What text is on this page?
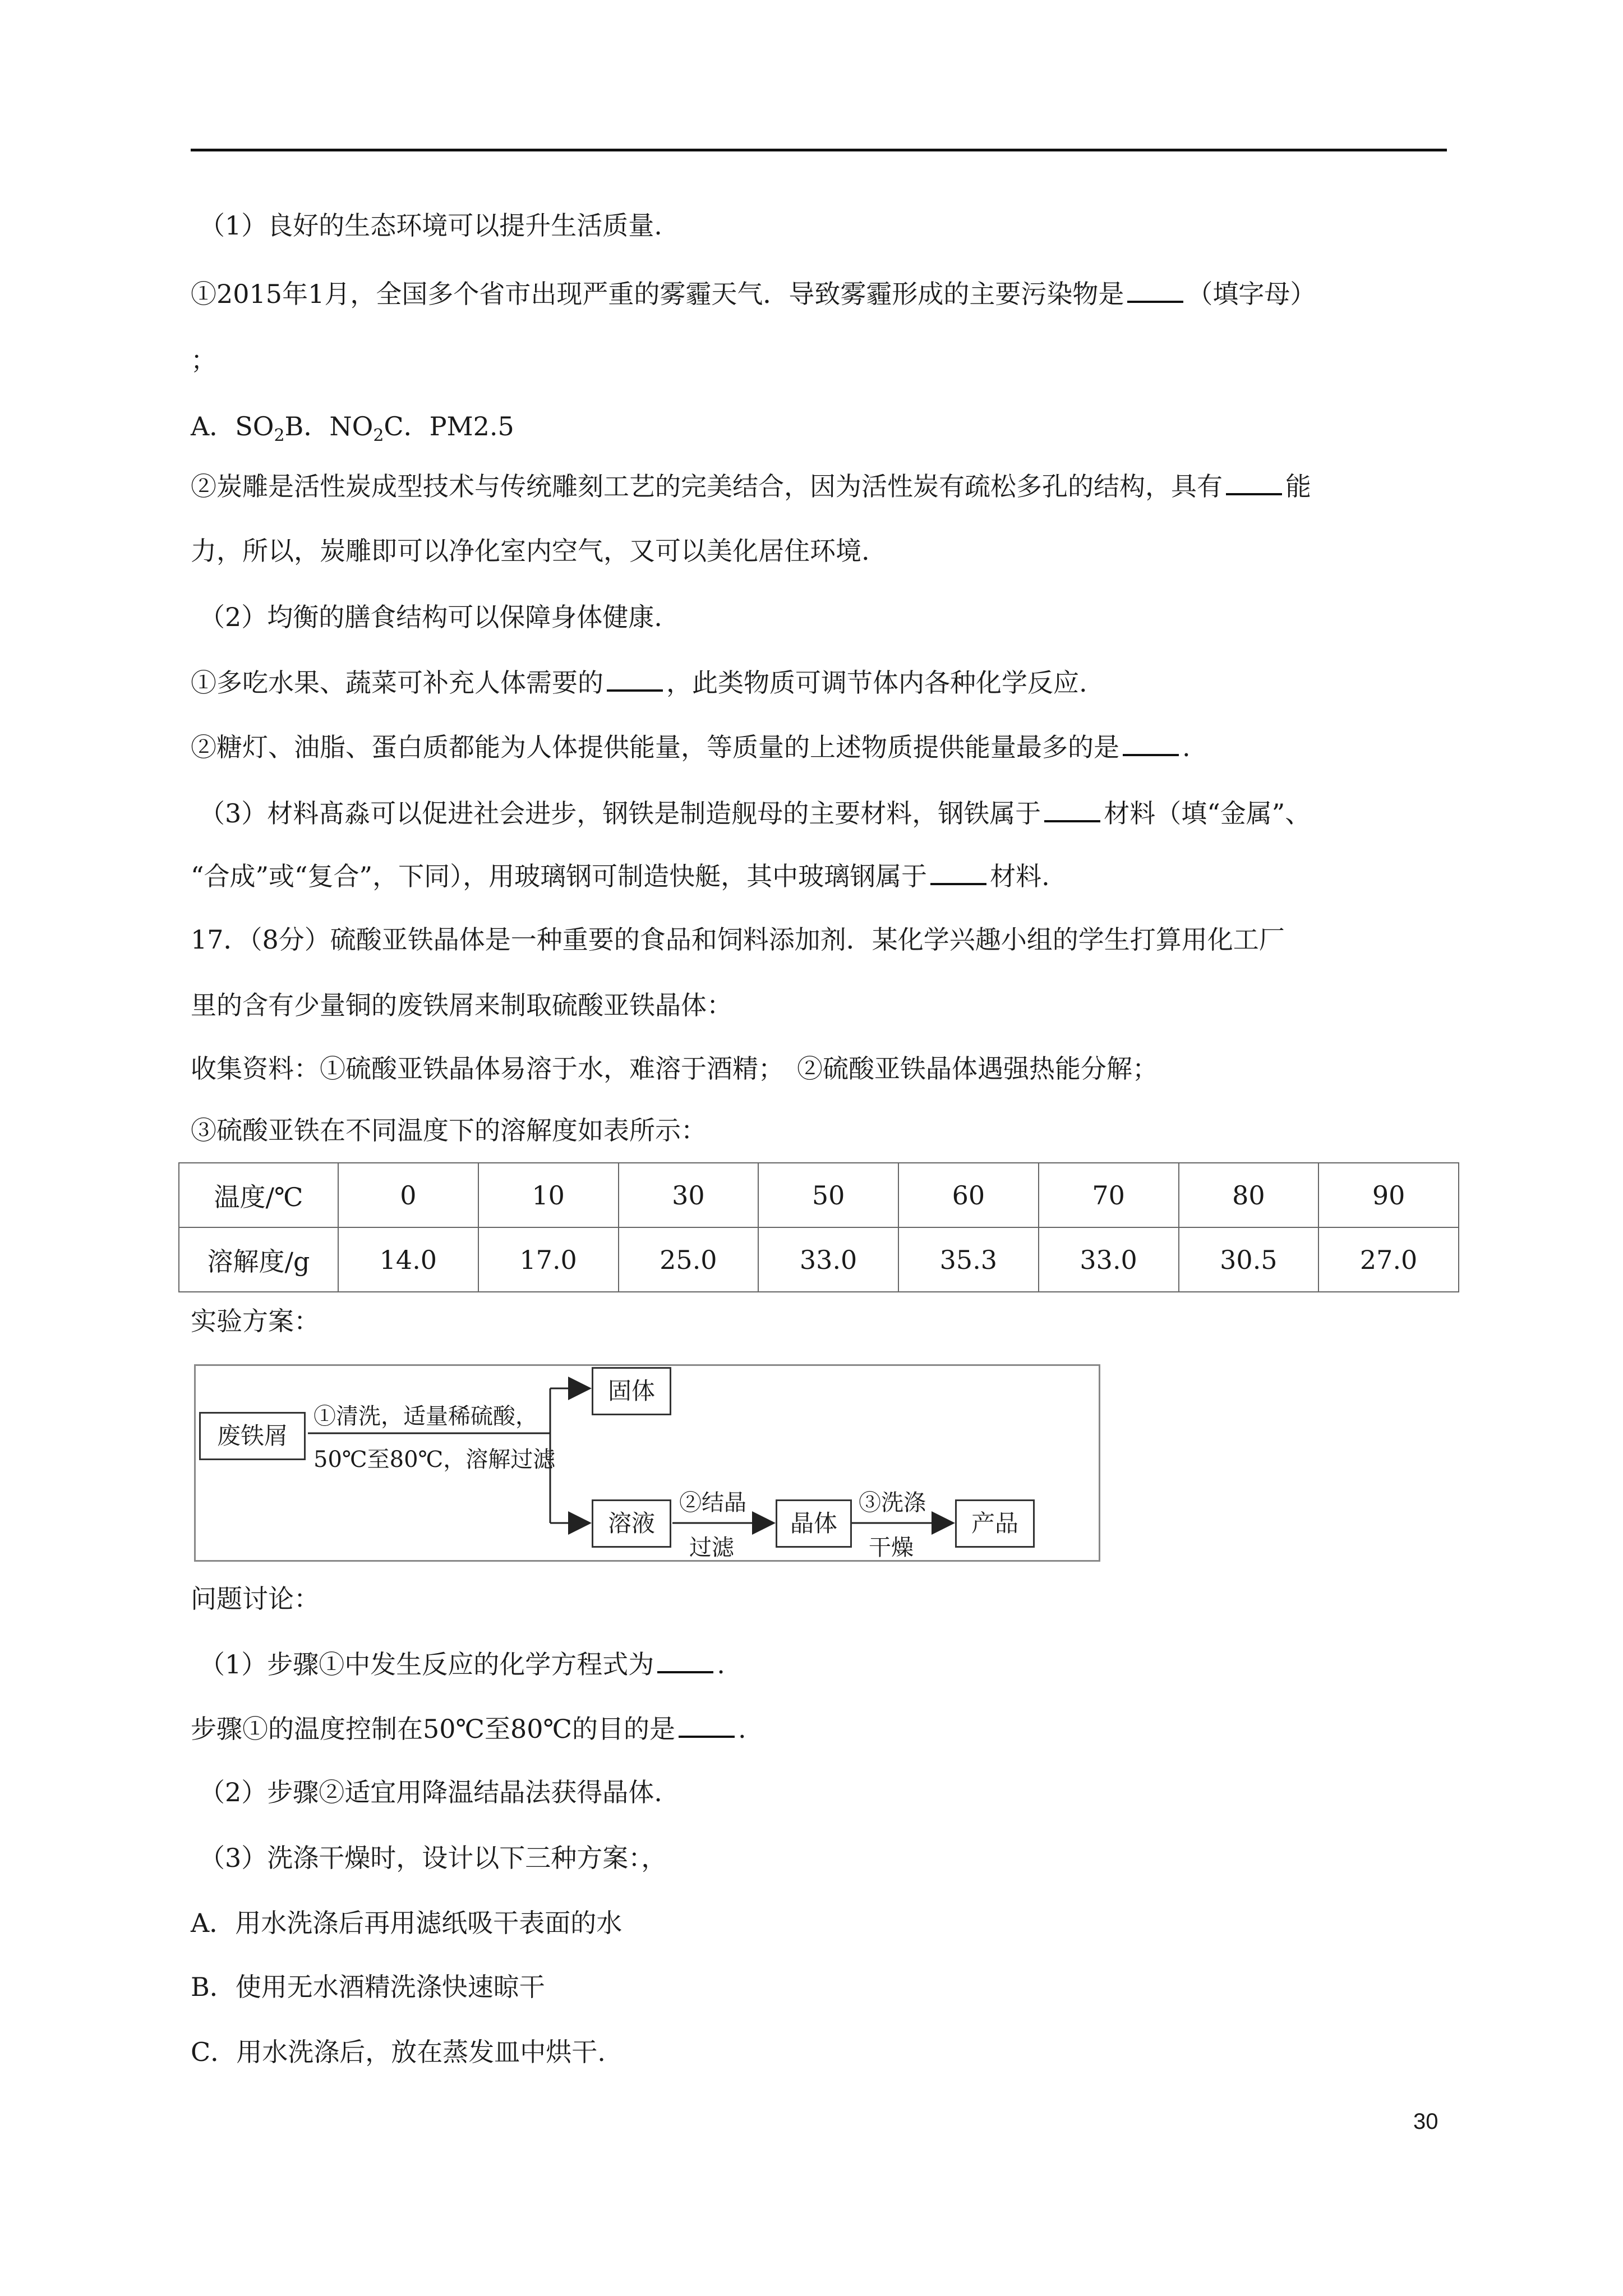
（1）良好的生态环境可以提升生活质量.
①2015年1月，全国多个省市出现严重的雾霾天气．导致雾霾形成的主要污染物是 （填字母）
；
A．$SO_2B$．$NO_2C$．PM2.5
②炭雕是活性炭成型技术与传统雕刻工艺的完美结合，因为活性炭有疏松多孔的结构，具有 能
力，所以，炭雕即可以净化室内空气，又可以美化居住环境.
（2）均衡的膳食结构可以保障身体健康.
①多吃水果、蔬菜可补充人体需要的 ，此类物质可调节体内各种化学反应.
②糖灯、油脂、蛋白质都能为人体提供能量，等质量的上述物质提供能量最多的是 .
（3）材料髙淼可以促进社会进步，钢铁是制造舰母的主要材料，钢铁属于 材料（填“金属”、
“合成”或“复合”，下同），用玻璃钢可制造快艇，其中玻璃钢属于 材料.
17．（8分）硫酸亚铁晶体是一种重要的食品和饲料添加剂．某化学兴趣小组的学生打算用化工厂
里的含有少量铜的废铁屑来制取硫酸亚铁晶体：
收集资料：①硫酸亚铁晶体易溶于水，难溶于酒精；　②硫酸亚铁晶体遇强热能分解；
③硫酸亚铁在不同温度下的溶解度如表所示：
温度/℃	0	10	30	50	60	70	80	90
溶解度/g	14.0	17.0	25.0	33.0	35.3	33.0	30.5	27.0
实验方案：
废铁屑
①清洗，适量稀硫酸，
50℃至80℃，溶解过滤
固体
溶液
②结晶
过滤
晶体
③洗涤
干燥
产品
问题讨论：
（1）步骤①中发生反应的化学方程式为 .
步骤①的温度控制在50℃至80℃的目的是 .
（2）步骤②适宜用降温结晶法获得晶体.
（3）洗涤干燥时，设计以下三种方案：，
A．用水洗涤后再用滤纸吸干表面的水
B．使用无水酒精洗涤快速晾干
C．用水洗涤后，放在蒸发皿中烘干.
30
